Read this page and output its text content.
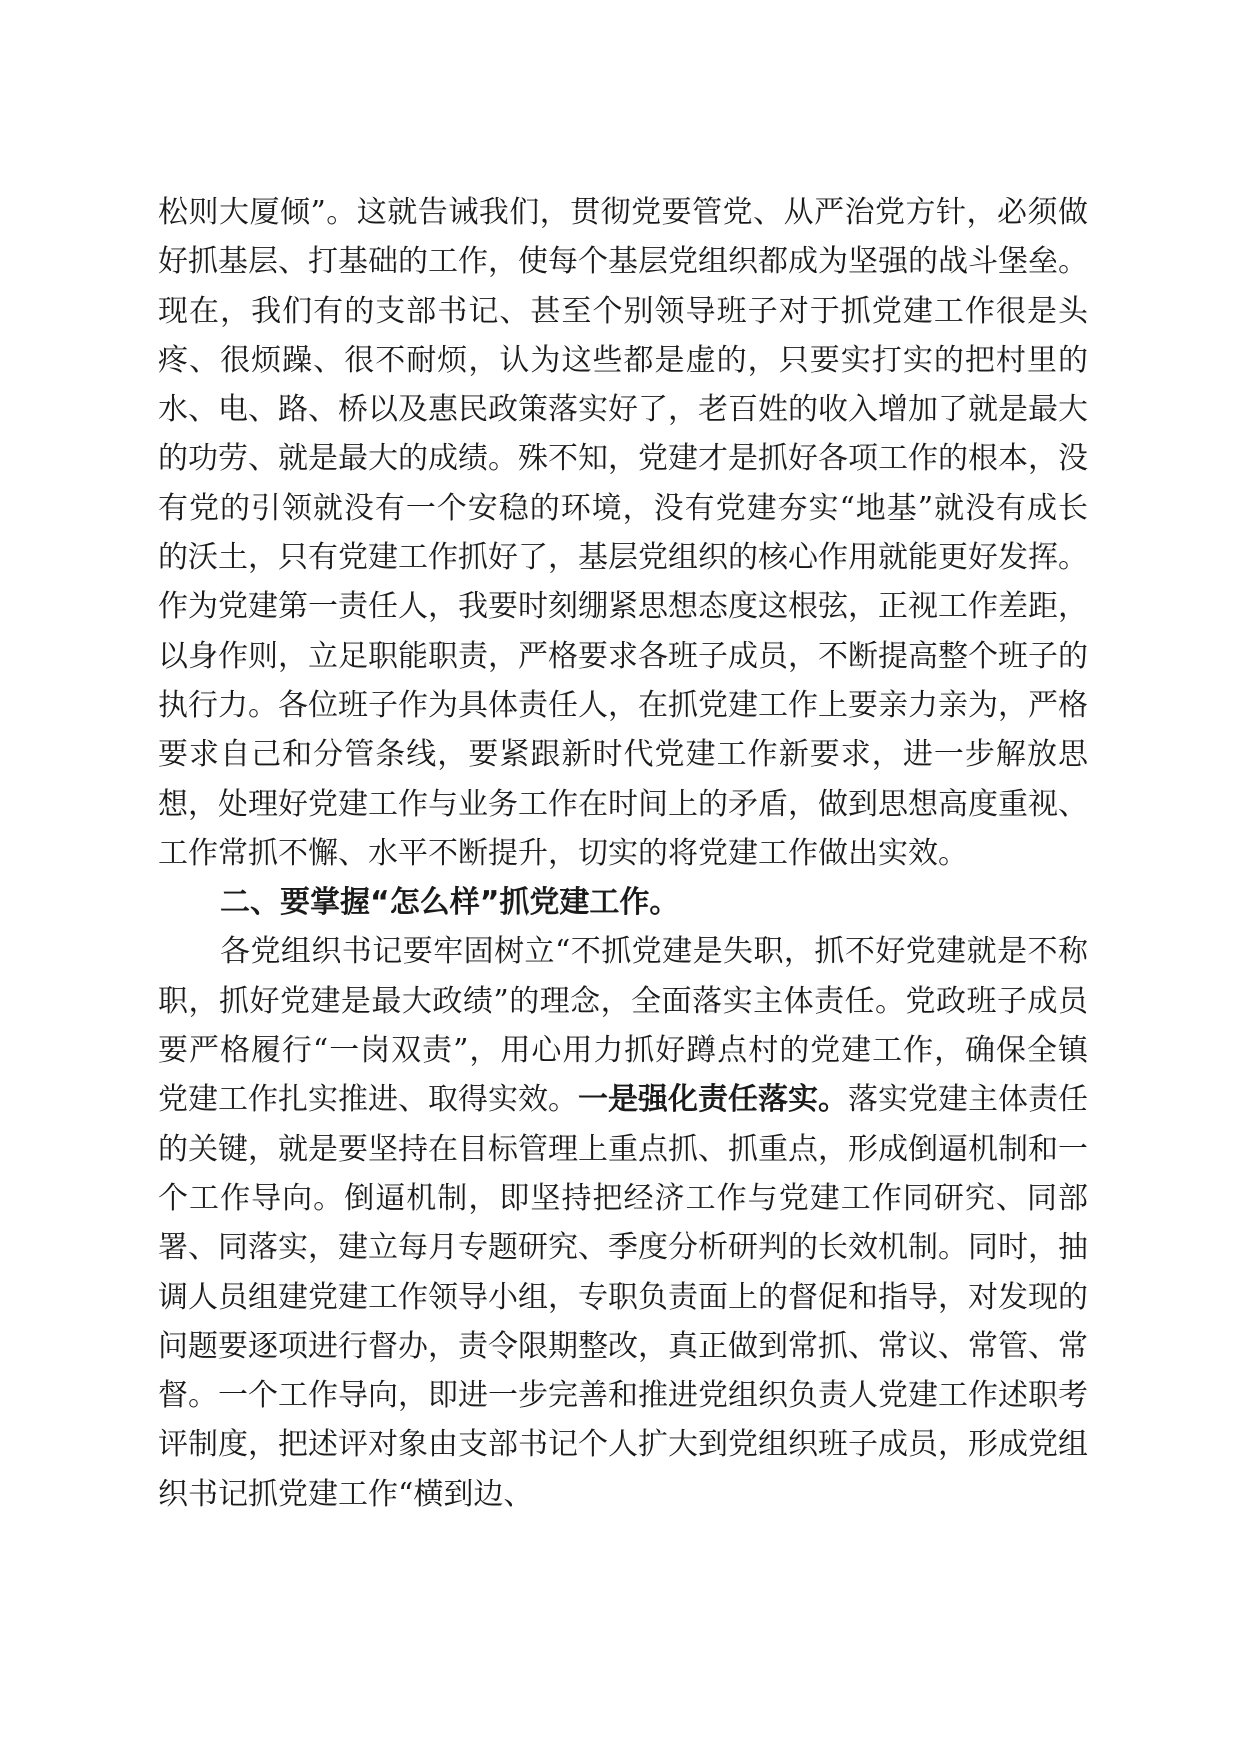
松则大厦倾”。这就告诫我们，贯彻党要管党、从严治党方针，必须做好抓基层、打基础的工作，使每个基层党组织都成为坚强的战斗堡垒。现在，我们有的支部书记、甚至个别领导班子对于抓党建工作很是头疼、很烦躁、很不耐烦，认为这些都是虚的，只要实打实的把村里的水、电、路、桥以及惠民政策落实好了，老百姓的收入增加了就是最大的功劳、就是最大的成绩。殊不知，党建才是抓好各项工作的根本，没有党的引领就没有一个安稳的环境，没有党建夯实“地基”就没有成长的沃土，只有党建工作抓好了，基层党组织的核心作用就能更好发挥。作为党建第一责任人，我要时刻绷紧思想态度这根弦，正视工作差距，以身作则，立足职能职责，严格要求各班子成员，不断提高整个班子的执行力。各位班子作为具体责任人，在抓党建工作上要亲力亲为，严格要求自己和分管条线，要紧跟新时代党建工作新要求，进一步解放思想，处理好党建工作与业务工作在时间上的矛盾，做到思想高度重视、工作常抓不懈、水平不断提升，切实的将党建工作做出实效。

二、要掌握“怎么样”抓党建工作。

各党组织书记要牢固树立“不抓党建是失职，抓不好党建就是不称职，抓好党建是最大政绩”的理念，全面落实主体责任。党政班子成员要严格履行“一岗双责”，用心用力抓好蹲点村的党建工作，确保全镇党建工作扎实推进、取得实效。一是强化责任落实。落实党建主体责任的关键，就是要坚持在目标管理上重点抓、抓重点，形成倒逼机制和一个工作导向。倒逼机制，即坚持把经济工作与党建工作同研究、同部署、同落实，建立每月专题研究、季度分析研判的长效机制。同时，抽调人员组建党建工作领导小组，专职负责面上的督促和指导，对发现的问题要逐项进行督办，责令限期整改，真正做到常抓、常议、常管、常督。一个工作导向，即进一步完善和推进党组织负责人党建工作述职考评制度，把述评对象由支部书记个人扩大到党组织班子成员，形成党组织书记抓党建工作“横到边、
